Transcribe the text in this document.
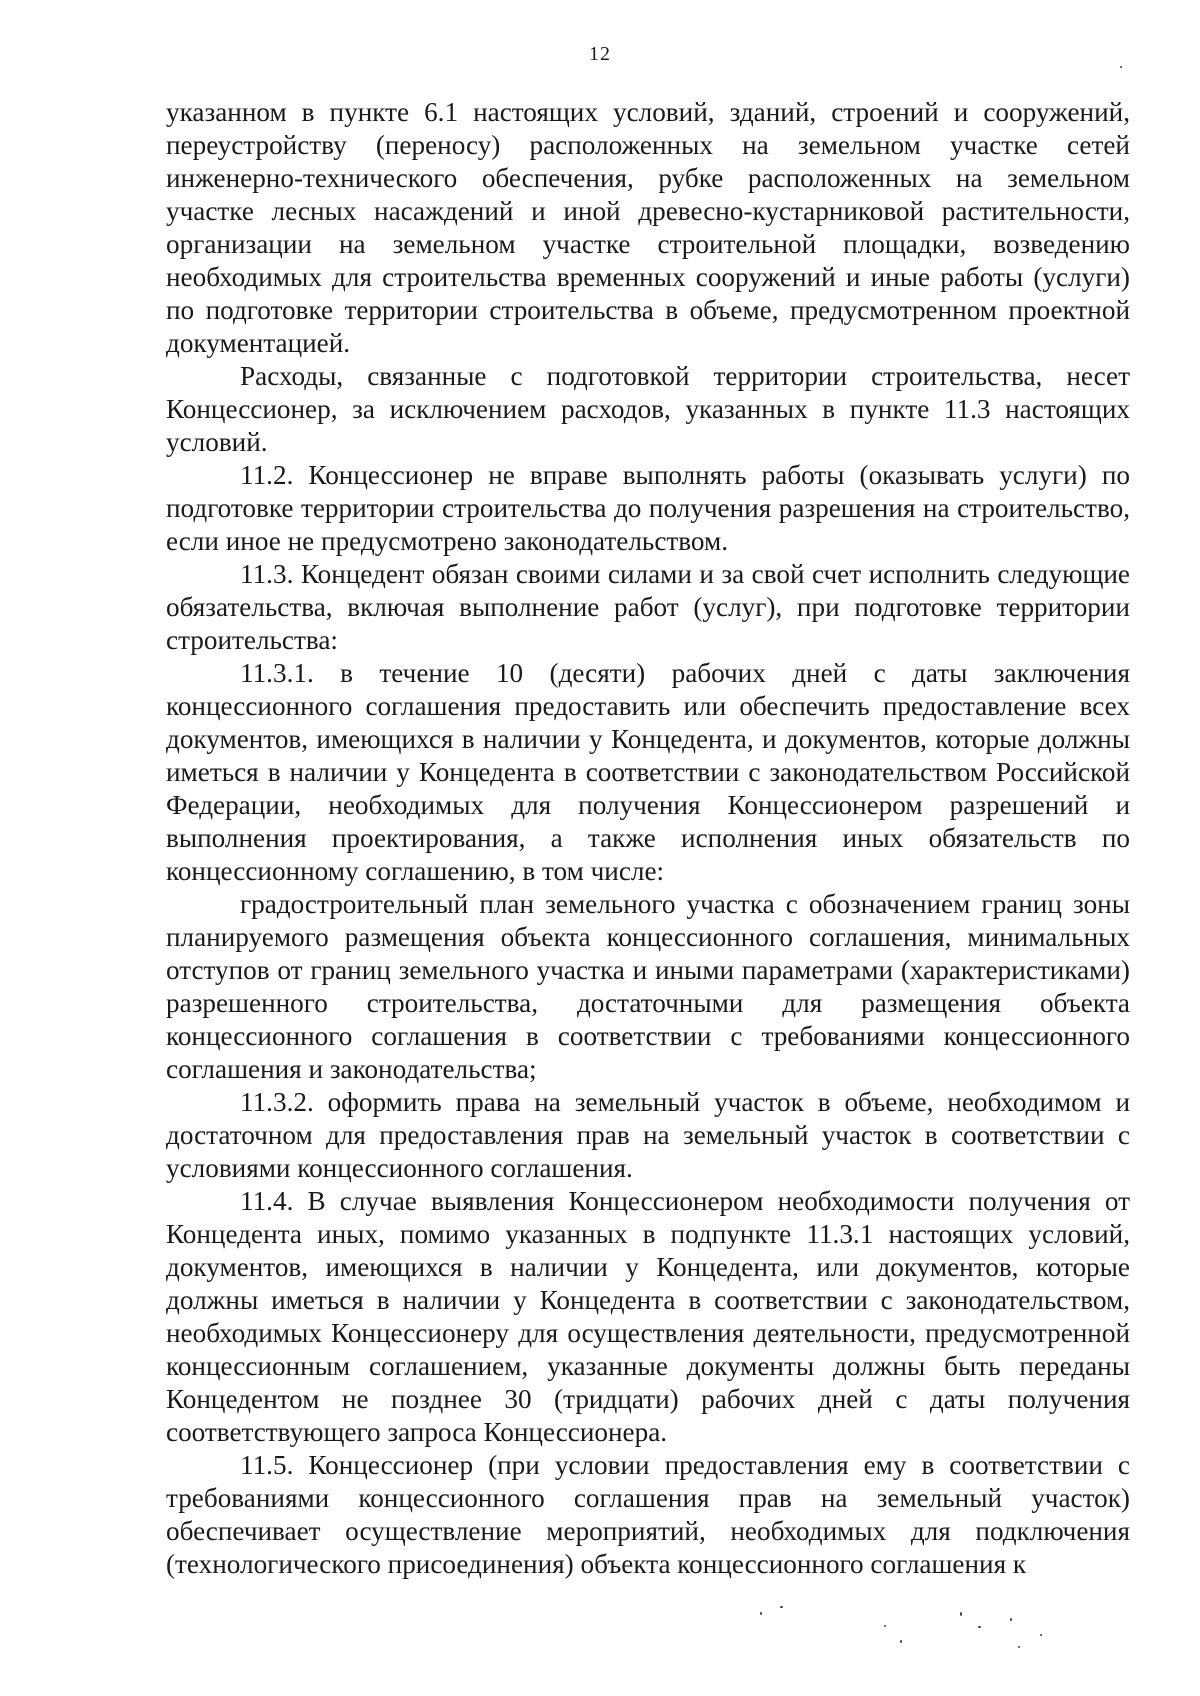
12

указанном в пункте 6.1 настоящих условий, зданий, строений и сооружений, переустройству (переносу) расположенных на земельном участке сетей инженерно-технического обеспечения, рубке расположенных на земельном участке лесных насаждений и иной древесно-кустарниковой растительности, организации на земельном участке строительной площадки, возведению необходимых для строительства временных сооружений и иные работы (услуги) по подготовке территории строительства в объеме, предусмотренном проектной документацией.

Расходы, связанные с подготовкой территории строительства, несет Концессионер, за исключением расходов, указанных в пункте 11.3 настоящих условий.

11.2. Концессионер не вправе выполнять работы (оказывать услуги) по подготовке территории строительства до получения разрешения на строительство, если иное не предусмотрено законодательством.

11.3. Концедент обязан своими силами и за свой счет исполнить следующие обязательства, включая выполнение работ (услуг), при подготовке территории строительства:

11.3.1. в течение 10 (десяти) рабочих дней с даты заключения концессионного соглашения предоставить или обеспечить предоставление всех документов, имеющихся в наличии у Концедента, и документов, которые должны иметься в наличии у Концедента в соответствии с законодательством Российской Федерации, необходимых для получения Концессионером разрешений и выполнения проектирования, а также исполнения иных обязательств по концессионному соглашению, в том числе:

градостроительный план земельного участка с обозначением границ зоны планируемого размещения объекта концессионного соглашения, минимальных отступов от границ земельного участка и иными параметрами (характеристиками) разрешенного строительства, достаточными для размещения объекта концессионного соглашения в соответствии с требованиями концессионного соглашения и законодательства;

11.3.2. оформить права на земельный участок в объеме, необходимом и достаточном для предоставления прав на земельный участок в соответствии с условиями концессионного соглашения.

11.4. В случае выявления Концессионером необходимости получения от Концедента иных, помимо указанных в подпункте 11.3.1 настоящих условий, документов, имеющихся в наличии у Концедента, или документов, которые должны иметься в наличии у Концедента в соответствии с законодательством, необходимых Концессионеру для осуществления деятельности, предусмотренной концессионным соглашением, указанные документы должны быть переданы Концедентом не позднее 30 (тридцати) рабочих дней с даты получения соответствующего запроса Концессионера.

11.5. Концессионер (при условии предоставления ему в соответствии с требованиями концессионного соглашения прав на земельный участок) обеспечивает осуществление мероприятий, необходимых для подключения (технологического присоединения) объекта концессионного соглашения к
